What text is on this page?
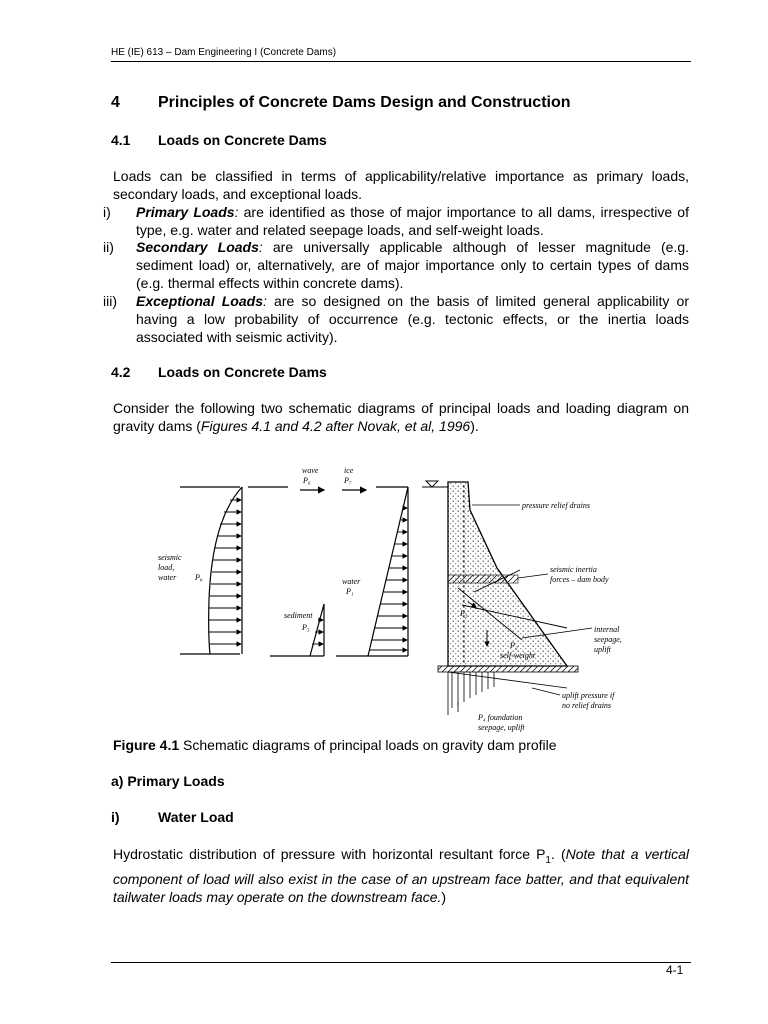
HE (IE) 613 – Dam Engineering I (Concrete Dams)
4 Principles of Concrete Dams Design and Construction
4.1 Loads on Concrete Dams
Loads can be classified in terms of applicability/relative importance as primary loads, secondary loads, and exceptional loads.
i)	Primary Loads: are identified as those of major importance to all dams, irrespective of type, e.g. water and related seepage loads, and self-weight loads.
ii)	Secondary Loads: are universally applicable although of lesser magnitude (e.g. sediment load) or, alternatively, are of major importance only to certain types of dams (e.g. thermal effects within concrete dams).
iii)	Exceptional Loads: are so designed on the basis of limited general applicability or having a low probability of occurrence (e.g. tectonic effects, or the inertia loads associated with seismic activity).
4.2 Loads on Concrete Dams
Consider the following two schematic diagrams of principal loads and loading diagram on gravity dams (Figures 4.1 and 4.2 after Novak, et al, 1996).
seismic
load,
water P₈
wave
P₆
ice
P₇
water
P₁
sediment
P₅
P₃
P₂
self-weight
pressure relief drains
seismic inertia
forces – dam body
internal
seepage,
uplift
uplift pressure if
no relief drains
P₄ foundation
seepage, uplift
Figure 4.1 Schematic diagrams of principal loads on gravity dam profile
a) Primary Loads
i)	Water Load
Hydrostatic distribution of pressure with horizontal resultant force $P_1$. (Note that a vertical component of load will also exist in the case of an upstream face batter, and that equivalent tailwater loads may operate on the downstream face.)
4-1
